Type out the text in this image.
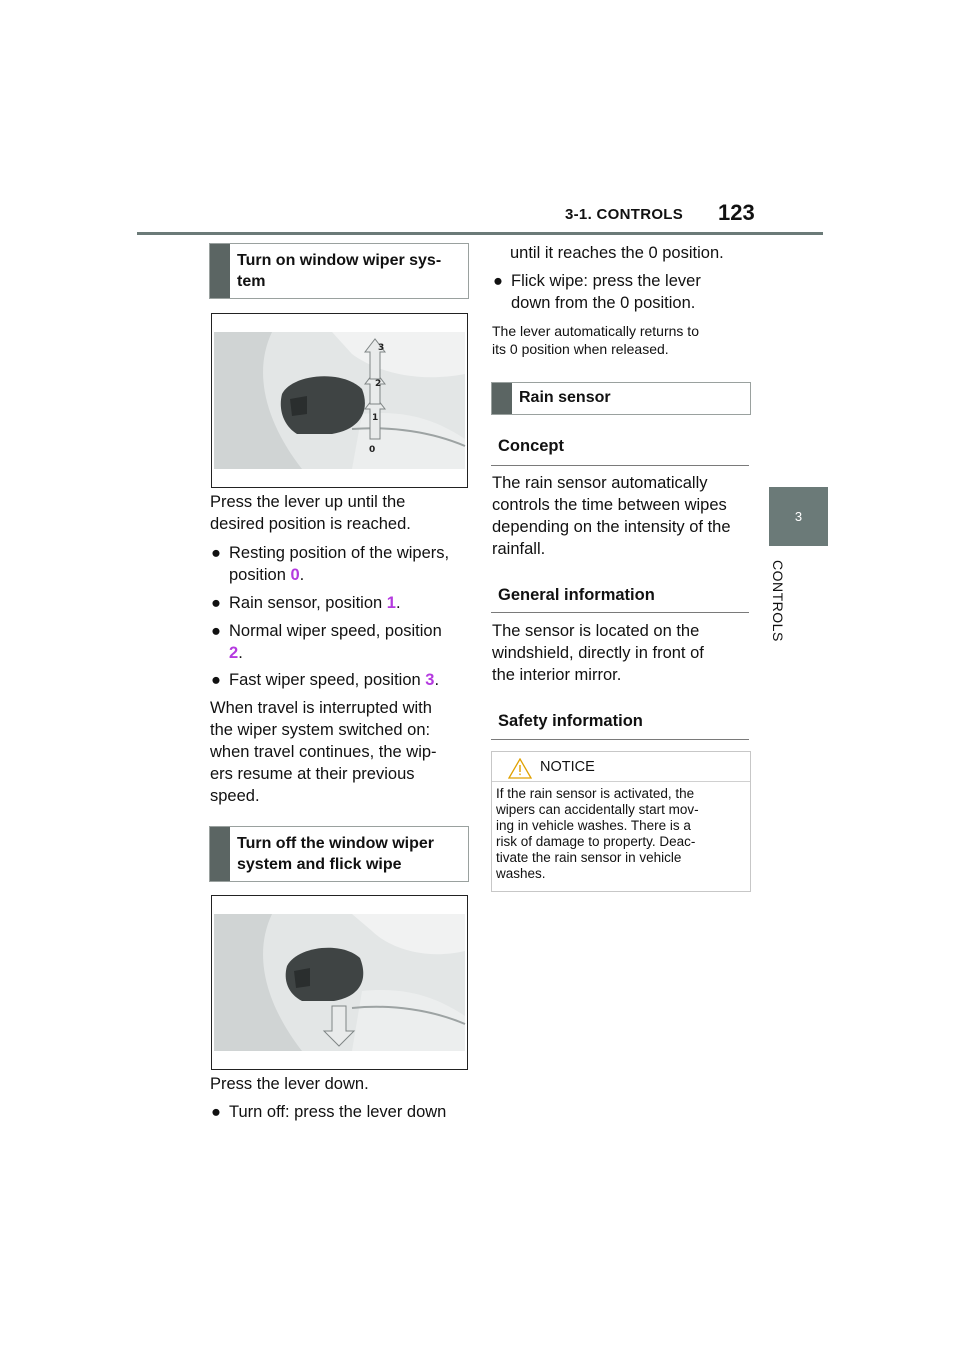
3-1. CONTROLS 123
3
CONTROLS
Turn on window wiper sys-
tem
3
2
1
0
Press the lever up until the
desired position is reached.
● Resting position of the wipers,
position 0.
● Rain sensor, position 1.
● Normal wiper speed, position
2.
● Fast wiper speed, position 3.
When travel is interrupted with
the wiper system switched on:
when travel continues, the wip-
ers resume at their previous
speed.
Turn off the window wiper
system and flick wipe
Press the lever down.
● Turn off: press the lever down
until it reaches the 0 position.
● Flick wipe: press the lever
down from the 0 position.
The lever automatically returns to
its 0 position when released.
Rain sensor
Concept
The rain sensor automatically
controls the time between wipes
depending on the intensity of the
rainfall.
General information
The sensor is located on the
windshield, directly in front of
the interior mirror.
Safety information
NOTICE
If the rain sensor is activated, the
wipers can accidentally start mov-
ing in vehicle washes. There is a
risk of damage to property. Deac-
tivate the rain sensor in vehicle
washes.
